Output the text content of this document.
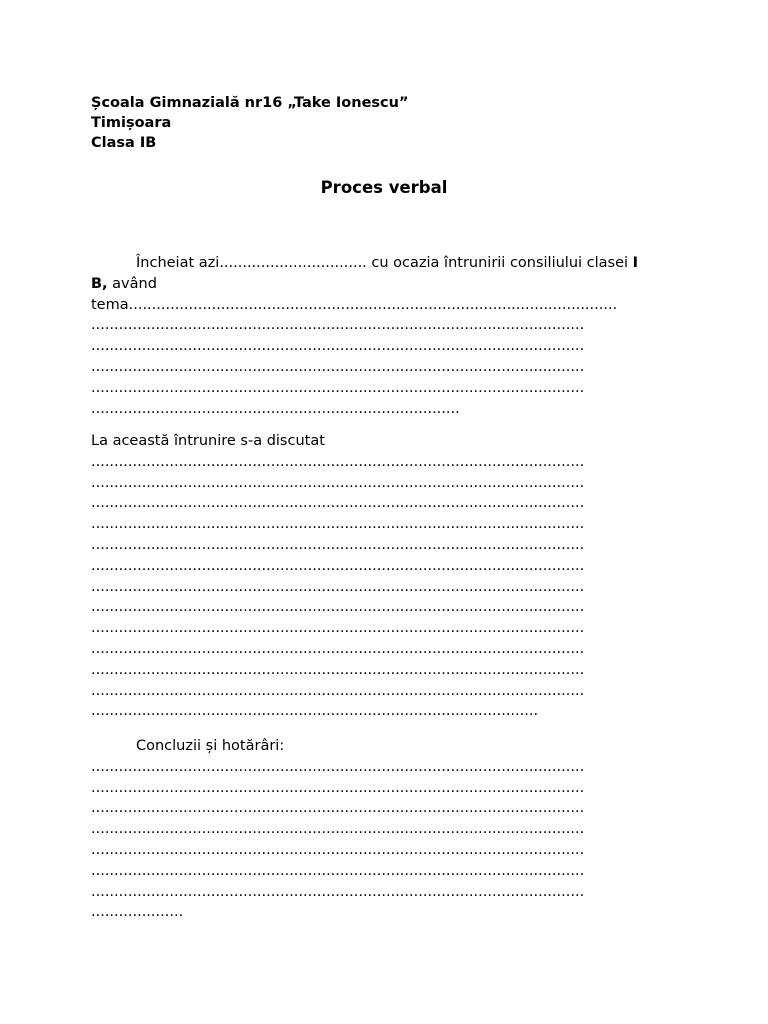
Școala Gimnazială nr16 „Take Ionescu”
Timișoara
Clasa IB
Proces verbal
Încheiat azi................................ cu ocazia întrunirii consiliului clasei I
B, având
tema..........................................................................................................
...........................................................................................................
...........................................................................................................
...........................................................................................................
...........................................................................................................
................................................................................
La această întrunire s-a discutat
...........................................................................................................
...........................................................................................................
...........................................................................................................
...........................................................................................................
...........................................................................................................
...........................................................................................................
...........................................................................................................
...........................................................................................................
...........................................................................................................
...........................................................................................................
...........................................................................................................
...........................................................................................................
.................................................................................................
Concluzii și hotărâri:
...........................................................................................................
...........................................................................................................
...........................................................................................................
...........................................................................................................
...........................................................................................................
...........................................................................................................
...........................................................................................................
....................
